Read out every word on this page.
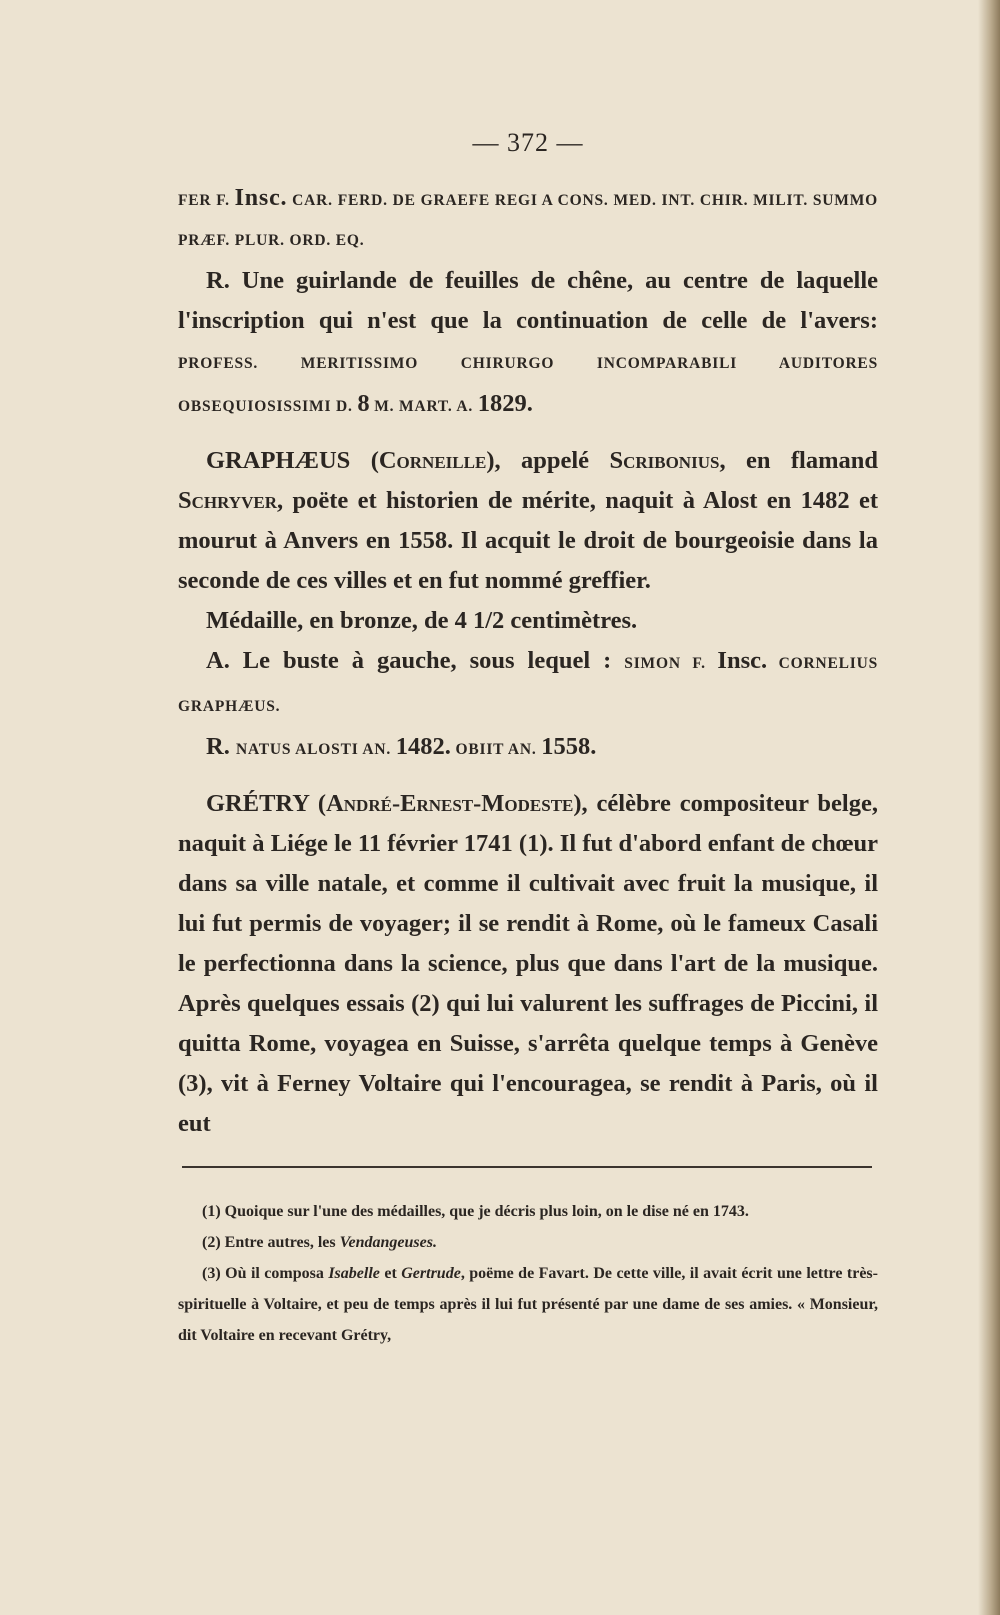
— 372 —

FER F. Insc. CAR. FERD. DE GRAEFE REGI A CONS. MED. INT. CHIR. MILIT. SUMMO PRÆF. PLUR. ORD. EQ.

R. Une guirlande de feuilles de chêne, au centre de laquelle l'inscription qui n'est que la continuation de celle de l'avers: PROFESS. MERITISSIMO CHIRURGO INCOMPARABILI AUDITORES OBSEQUIOSISSIMI D. 8 M. MART. A. 1829.

GRAPHÆUS (Corneille), appelé Scribonius, en flamand Schryver, poëte et historien de mérite, naquit à Alost en 1482 et mourut à Anvers en 1558. Il acquit le droit de bourgeoisie dans la seconde de ces villes et en fut nommé greffier.

Médaille, en bronze, de 4 1/2 centimètres.

A. Le buste à gauche, sous lequel : SIMON F. Insc. CORNELIUS GRAPHÆUS.

R. NATUS ALOSTI AN. 1482. OBIIT AN. 1558.

GRÉTRY (André-Ernest-Modeste), célèbre compositeur belge, naquit à Liége le 11 février 1741 (1). Il fut d'abord enfant de chœur dans sa ville natale, et comme il cultivait avec fruit la musique, il lui fut permis de voyager; il se rendit à Rome, où le fameux Casali le perfectionna dans la science, plus que dans l'art de la musique. Après quelques essais (2) qui lui valurent les suffrages de Piccini, il quitta Rome, voyagea en Suisse, s'arrêta quelque temps à Genève (3), vit à Ferney Voltaire qui l'encouragea, se rendit à Paris, où il eut

(1) Quoique sur l'une des médailles, que je décris plus loin, on le dise né en 1743.

(2) Entre autres, les Vendangeuses.

(3) Où il composa Isabelle et Gertrude, poëme de Favart. De cette ville, il avait écrit une lettre très-spirituelle à Voltaire, et peu de temps après il lui fut présenté par une dame de ses amies. « Monsieur, dit Voltaire en recevant Grétry,
